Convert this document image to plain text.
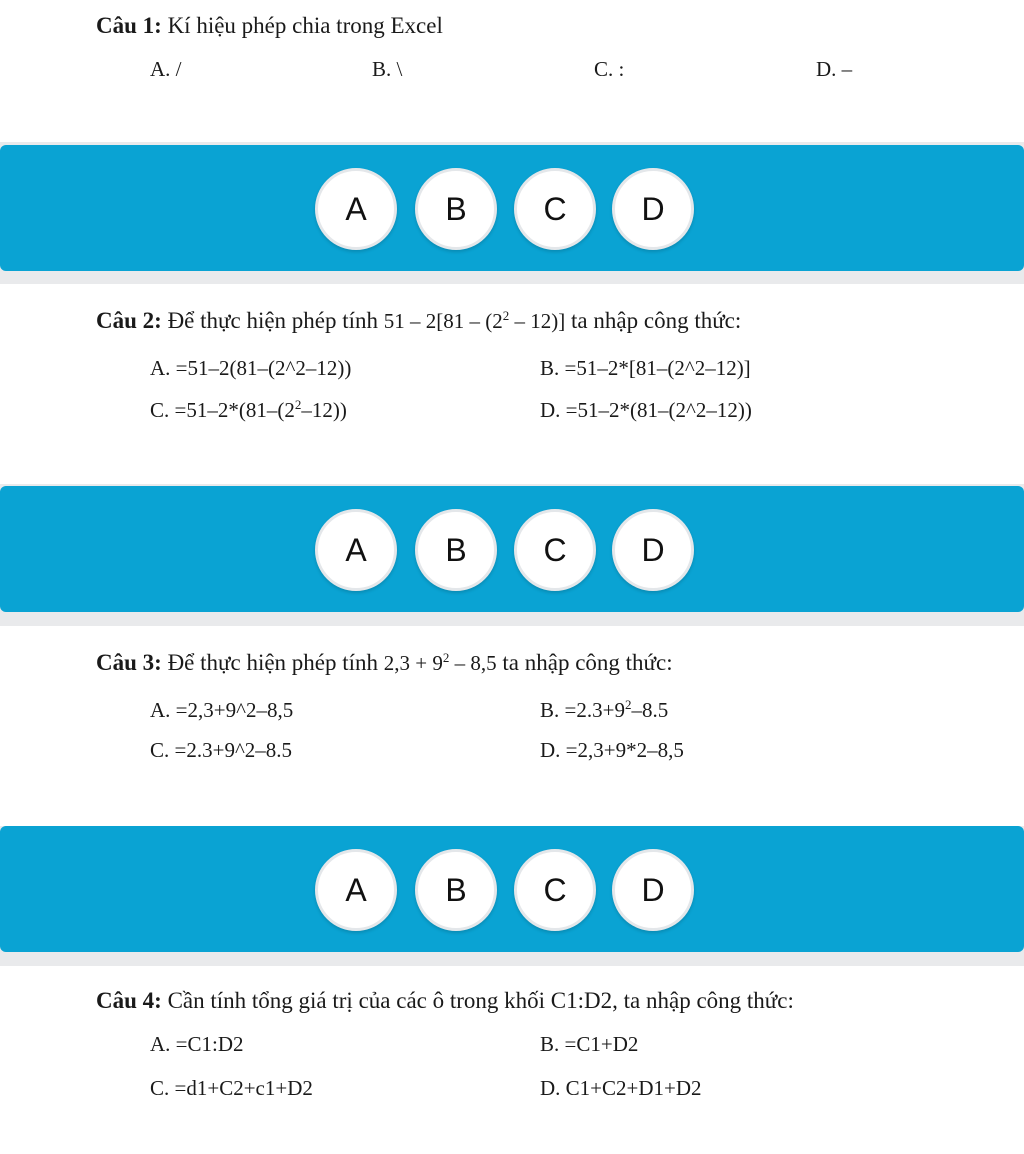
Câu 1: Kí hiệu phép chia trong Excel
A. /	B. \	C. :	D. –
A	B	C	D
Câu 2: Để thực hiện phép tính $51 - 2[81 - (2^2 - 12)]$ ta nhập công thức:
A. =51–2(81–(2^2–12))	B. =51–2*[81–(2^2–12)]
C. $=51-2*(81-(2^2-12))$	D. =51–2*(81–(2^2–12))
A	B	C	D
Câu 3: Để thực hiện phép tính $2,3 + 9^2 - 8,5$ ta nhập công thức:
A. =2,3+9^2–8,5	B. $=2.3+9^2-8.5$
C. =2.3+9^2–8.5	D. =2,3+9*2–8,5
A	B	C	D
Câu 4: Cần tính tổng giá trị của các ô trong khối C1:D2, ta nhập công thức:
A. =C1:D2	B. =C1+D2
C. =d1+C2+c1+D2	D. C1+C2+D1+D2
